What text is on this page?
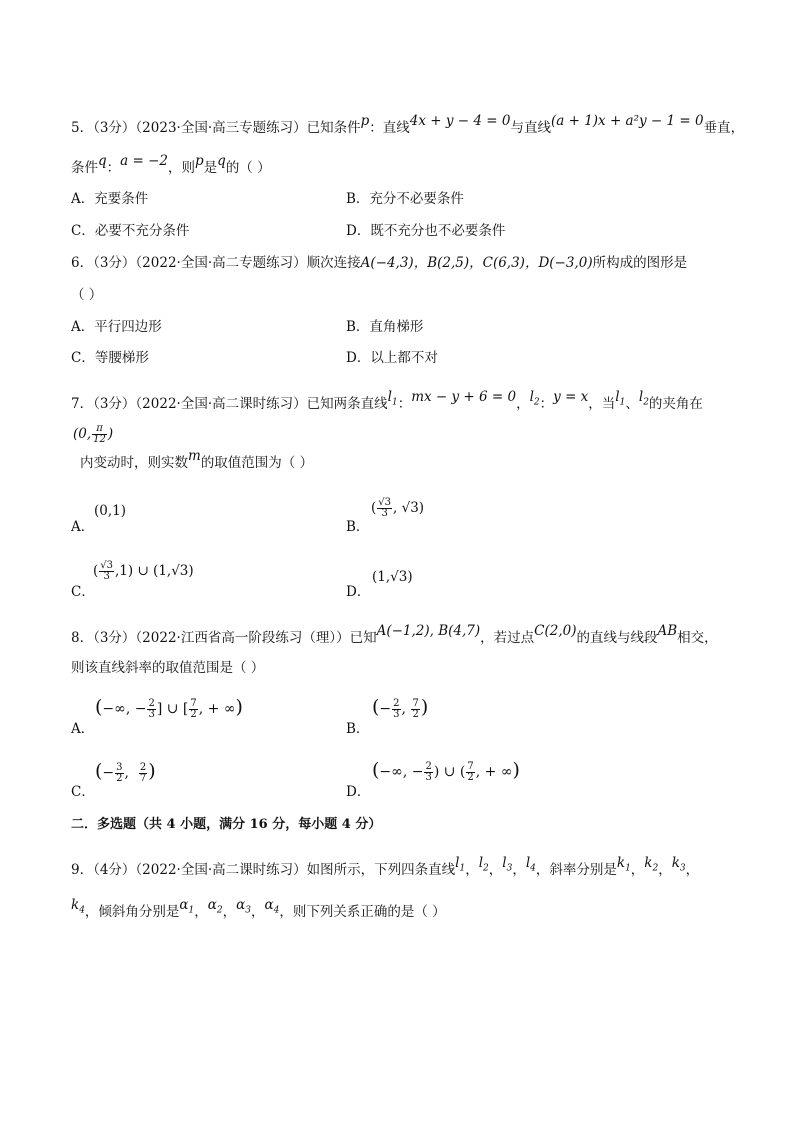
5．（3分）（2023·全国·高三专题练习）已知条件p：直线4x + y − 4 = 0与直线(a + 1)x + a²y − 1 = 0垂直，
条件q：a = −2，则p是q的（ ）
A．充要条件	B．充分不必要条件
C．必要不充分条件	D．既不充分也不必要条件
6．（3分）（2022·全国·高二专题练习）顺次连接A(−4,3)，B(2,5)，C(6,3)，D(−3,0)所构成的图形是
（ ）
A．平行四边形	B．直角梯形
C．等腰梯形	D．以上都不对
7．（3分）（2022·全国·高二课时练习）已知两条直线$l_1$：mx − y + 6 = 0，$l_2$：y = x，当$l_1$、$l_2$的夹角在
(0, $\frac{\pi}{12}$ )
内变动时，则实数m的取值范围为（ ）
A．
(0,1)
B．
( $\frac{√3}{3}$ , √3)
C．
( $\frac{√3}{3} ,1$) ∪ (1,√3)
D．
(1,√3)
8．（3分）（2022·江西省高一阶段练习（理））已知A(−1,2), B(4,7)，若过点C(2,0)的直线与线段AB相交，
则该直线斜率的取值范围是（ ）
A．
(−∞, − $\frac{2}{3}$ ] ∪ [ $\frac{7}{2}$ , + ∞)
B．
(− $\frac{2}{3}$ , $\frac{7}{2}$ )
C．
(− $\frac{3}{2}$ , $\frac{2}{7}$ )
D．
(−∞, − $\frac{2}{3}$ ) ∪ ( $\frac{7}{2}$ , + ∞)
二．多选题（共 4 小题，满分 16 分，每小题 4 分）
9．（4分）（2022·全国·高二课时练习）如图所示，下列四条直线$l_1$，$l_2$，$l_3$，$l_4$，斜率分别是$k_1$，$k_2$，$k_3$，
$k_4$，倾斜角分别是$\alpha_1$，$\alpha_2$，$\alpha_3$，$\alpha_4$，则下列关系正确的是（ ）
